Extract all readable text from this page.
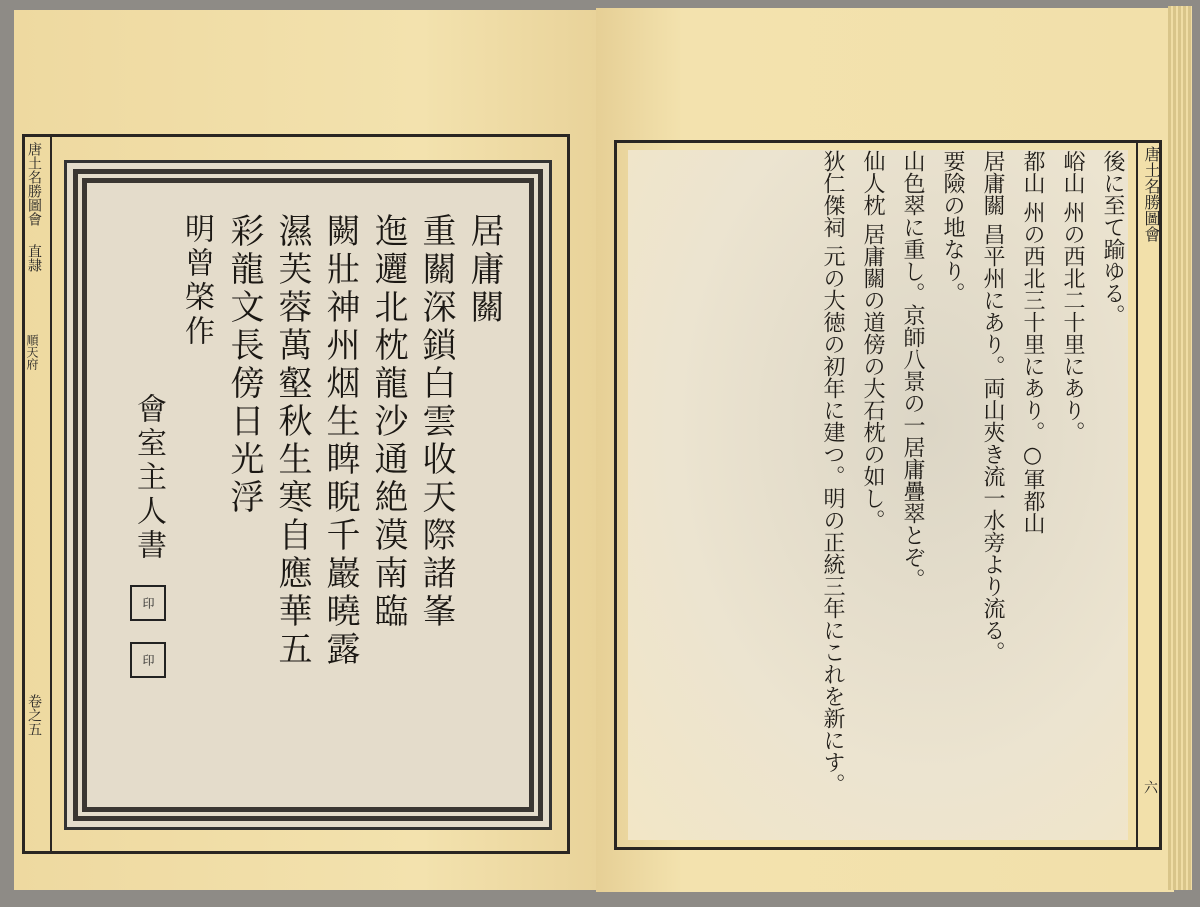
唐土名勝圖會
直隷
順天府
卷之五
居庸關
重關深鎖白雲收天際諸峯
迤邐北枕龍沙通絶漠南臨
闕壯神州烟生睥睨千巖曉露
濕芙蓉萬壑秋生寒自應華五
彩龍文長傍日光浮
明曾棨作
會室主人書 印 印
唐土名勝圖會
六
後に至て踰ゆる。
峪山 州の西北二十里にあり。
都山 州の西北三十里にあり。○軍都山
居庸關 昌平州にあり。両山夾き流一水旁より流る。
要險の地なり。
山色翠に重し。京師八景の一居庸疊翠とぞ。
仙人枕 居庸關の道傍の大石枕の如し。
狄仁傑祠 元の大徳の初年に建つ。明の正統三年にこれを新にす。
